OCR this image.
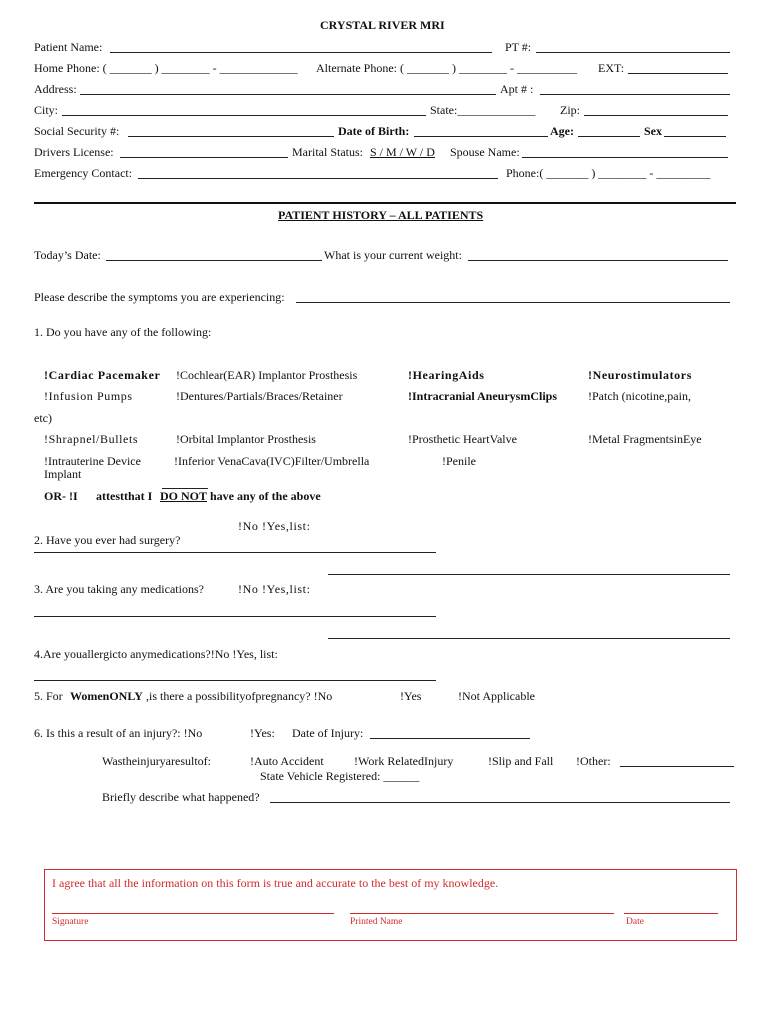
CRYSTAL RIVER MRI
Patient Name:	PT #:
Home Phone: ( _______ ) ________ - _____________ Alternate Phone: ( _______ ) ________ - __________ EXT:
Address:	Apt # :
City:	State:_____________ Zip:
Social Security #:	Date of Birth:	Age:	Sex
Drivers License:	Marital Status: S / M / W / D Spouse Name:
Emergency Contact:	Phone:( _______ ) ________ - _________
PATIENT HISTORY – ALL PATIENTS
Today’s Date:	What is your current weight:
Please describe the symptoms you are experiencing:
1. Do you have any of the following:
!Cardiac Pacemaker !Cochlear(EAR) Implantor Prosthesis	!HearingAids	!Neurostimulators
!Infusion Pumps	!Dentures/Partials/Braces/Retainer	!Intracranial AneurysmClips	!Patch (nicotine,pain,
etc)
!Shrapnel/Bullets	!Orbital Implantor Prosthesis	!Prosthetic HeartValve	!Metal FragmentsinEye
!Intrauterine Device
Implant
!Inferior VenaCava(IVC)Filter/Umbrella	!Penile
OR- !I attestthat I DO NOT have any of the above
!No !Yes,list:
2. Have you ever had surgery?
3. Are you taking any medications?	!No !Yes,list:
4.Are youallergicto anymedications?!No !Yes, list:
5. For WomenONLY ,is there a possibilityofpregnancy? !No	!Yes	!Not Applicable
6. Is this a result of an injury?: !No	!Yes: Date of Injury:
Wastheinjuryaresultof:	!Auto Accident	!Work RelatedInjury	!Slip and Fall !Other:
State Vehicle Registered: ______
Briefly describe what happened?
I agree that all the information on this form is true and accurate to the best of my knowledge.
Signature	Printed Name	Date
